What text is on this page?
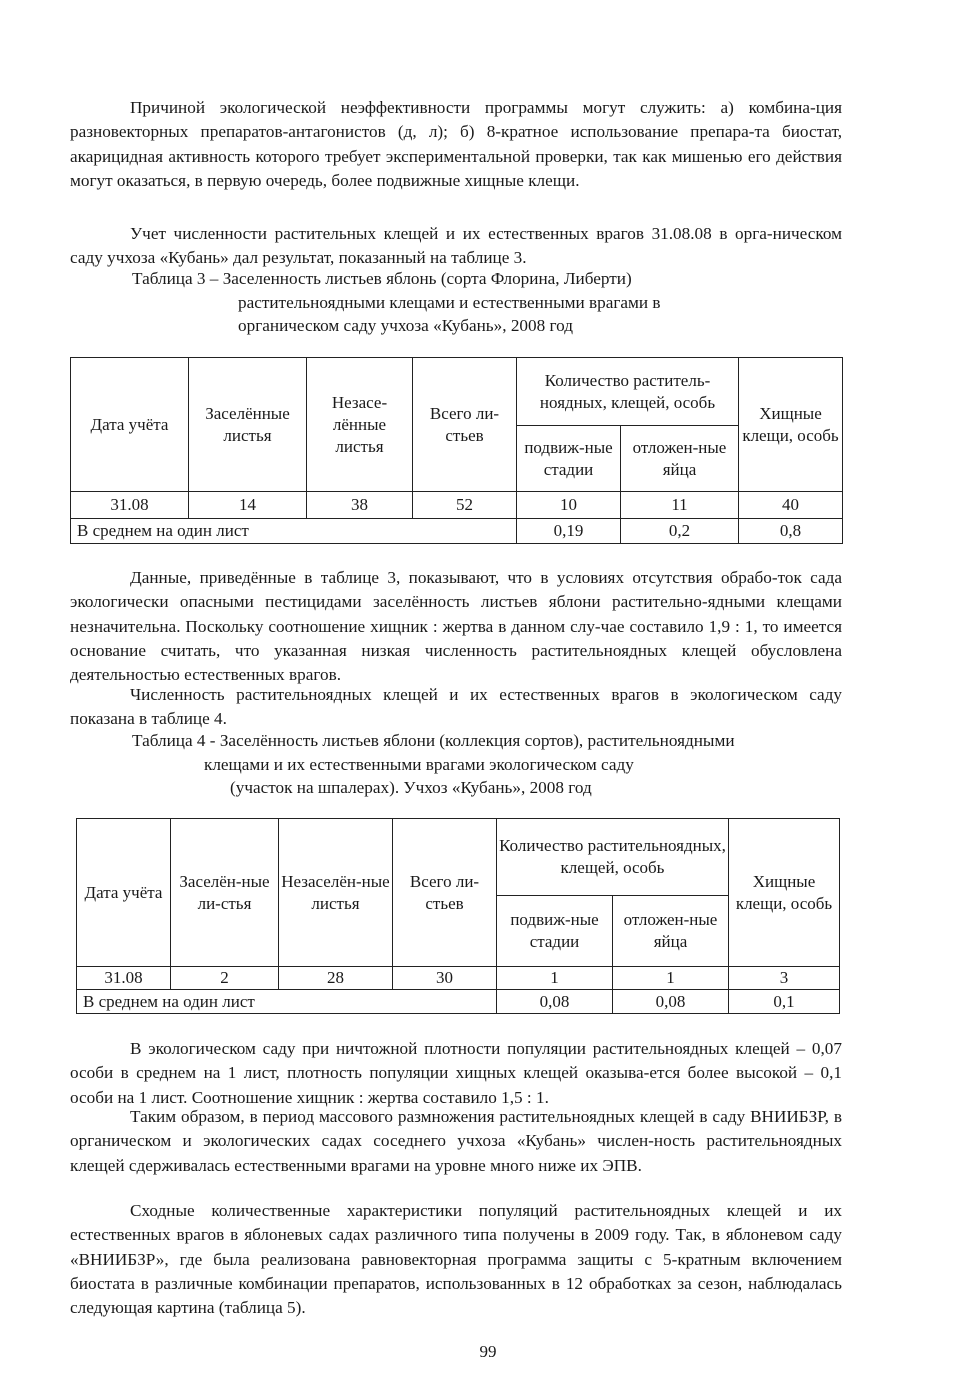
Причиной экологической неэффективности программы могут служить: а) комбина-ция разновекторных препаратов-антагонистов (д, л); б) 8-кратное использование препара-та биостат, акарицидная активность которого требует экспериментальной проверки, так как мишенью его действия могут оказаться, в первую очередь, более подвижные хищные клещи.

Учет численности растительных клещей и их естественных врагов 31.08.08 в орга-ническом саду учхоза «Кубань» дал результат, показанный на таблице 3.

Таблица 3 – Заселенность листьев яблонь (сорта Флорина, Либерти)
растительноядными клещами и естественными врагами в
органическом саду учхоза «Кубань», 2008 год
Дата учёта	Заселённые листья	Незасе-лённые листья	Всего ли-стьев	Количество раститель-ноядных, клещей, особь		Хищные клещи, особь
				подвиж-ные стадии	отложен-ные яйца	
31.08	14	38	52	10	11	40
В среднем на один лист				0,19	0,2	0,8

Данные, приведённые в таблице 3, показывают, что в условиях отсутствия обрабо-ток сада экологически опасными пестицидами заселённость листьев яблони растительно-ядными клещами незначительна. Поскольку соотношение хищник : жертва в данном слу-чае составило 1,9 : 1, то имеется основание считать, что указанная низкая численность растительноядных клещей обусловлена деятельностью естественных врагов.

Численность растительноядных клещей и их естественных врагов в экологическом саду показана в таблице 4.

Таблица 4 - Заселённость листьев яблони (коллекция сортов), растительноядными
клещами и их естественными врагами экологическом саду
(участок на шпалерах). Учхоз «Кубань», 2008 год
Дата учёта	Заселён-ные ли-стья	Незаселён-ные листья	Всего ли-стьев	Количество растительноядных, клещей, особь		Хищные клещи, особь
				подвиж-ные стадии	отложен-ные яйца	
31.08	2	28	30	1	1	3
В среднем на один лист				0,08	0,08	0,1

В экологическом саду при ничтожной плотности популяции растительноядных клещей – 0,07 особи в среднем на 1 лист, плотность популяции хищных клещей оказыва-ется более высокой – 0,1 особи на 1 лист. Соотношение хищник : жертва составило 1,5 : 1.

Таким образом, в период массового размножения растительноядных клещей в саду ВНИИБЗР, в органическом и экологических садах соседнего учхоза «Кубань» числен-ность растительноядных клещей сдерживалась естественными врагами на уровне много ниже их ЭПВ.

Сходные количественные характеристики популяций растительноядных клещей и их естественных врагов в яблоневых садах различного типа получены в 2009 году. Так, в яблоневом саду «ВНИИБЗР», где была реализована равновекторная программа защиты с 5-кратным включением биостата в различные комбинации препаратов, использованных в 12 обработках за сезон, наблюдалась следующая картина (таблица 5).

99
